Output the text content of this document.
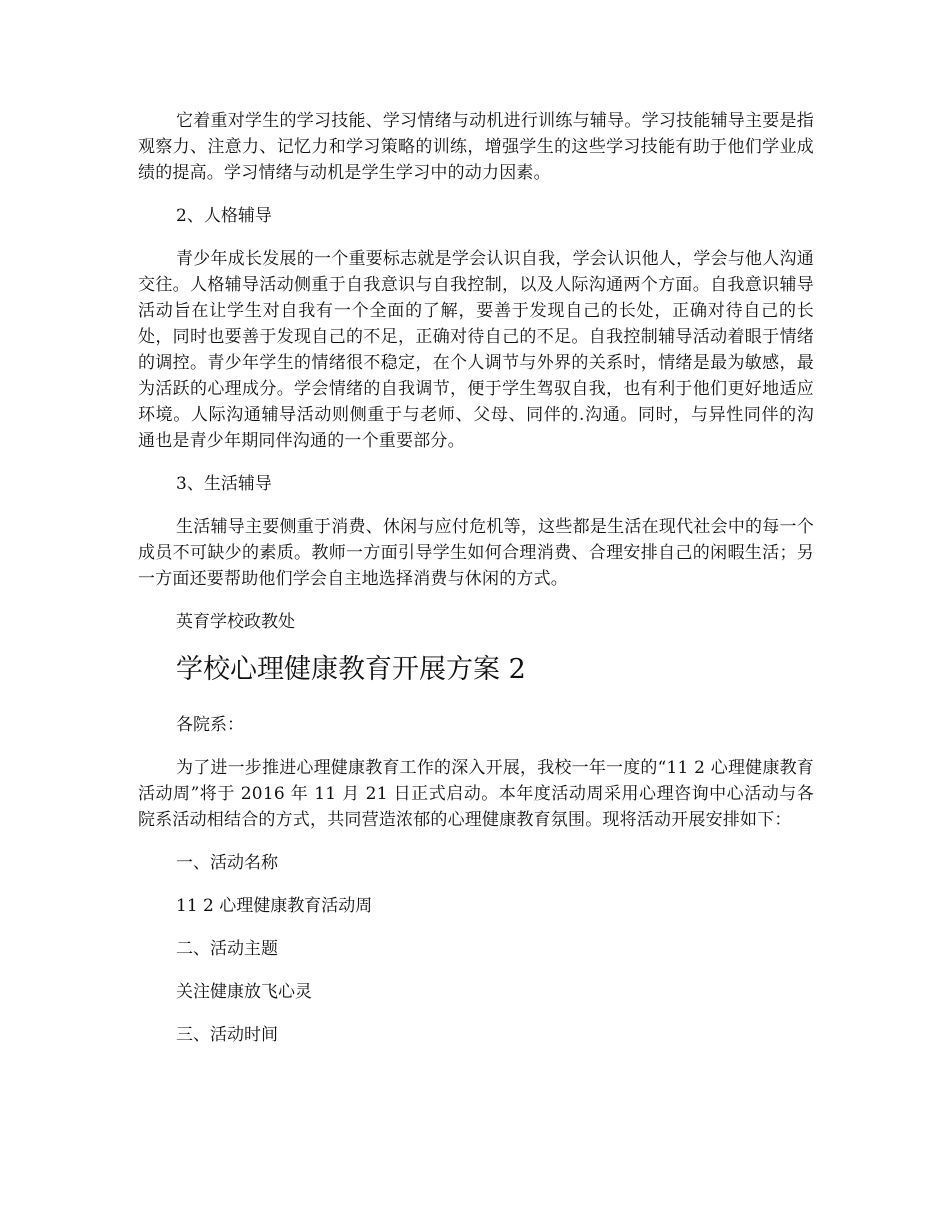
它着重对学生的学习技能、学习情绪与动机进行训练与辅导。学习技能辅导主要是指观察力、注意力、记忆力和学习策略的训练，增强学生的这些学习技能有助于他们学业成绩的提高。学习情绪与动机是学生学习中的动力因素。

2、人格辅导

青少年成长发展的一个重要标志就是学会认识自我，学会认识他人，学会与他人沟通交往。人格辅导活动侧重于自我意识与自我控制，以及人际沟通两个方面。自我意识辅导活动旨在让学生对自我有一个全面的了解，要善于发现自己的长处，正确对待自己的长处，同时也要善于发现自己的不足，正确对待自己的不足。自我控制辅导活动着眼于情绪的调控。青少年学生的情绪很不稳定，在个人调节与外界的关系时，情绪是最为敏感，最为活跃的心理成分。学会情绪的自我调节，便于学生驾驭自我，也有利于他们更好地适应环境。人际沟通辅导活动则侧重于与老师、父母、同伴的.沟通。同时，与异性同伴的沟通也是青少年期同伴沟通的一个重要部分。

3、生活辅导

生活辅导主要侧重于消费、休闲与应付危机等，这些都是生活在现代社会中的每一个成员不可缺少的素质。教师一方面引导学生如何合理消费、合理安排自己的闲暇生活；另一方面还要帮助他们学会自主地选择消费与休闲的方式。

英育学校政教处

学校心理健康教育开展方案 2

各院系：

为了进一步推进心理健康教育工作的深入开展，我校一年一度的“11 2 心理健康教育活动周”将于 2016 年 11 月 21 日正式启动。本年度活动周采用心理咨询中心活动与各院系活动相结合的方式，共同营造浓郁的心理健康教育氛围。现将活动开展安排如下：

一、活动名称

11 2 心理健康教育活动周

二、活动主题

关注健康放飞心灵

三、活动时间
